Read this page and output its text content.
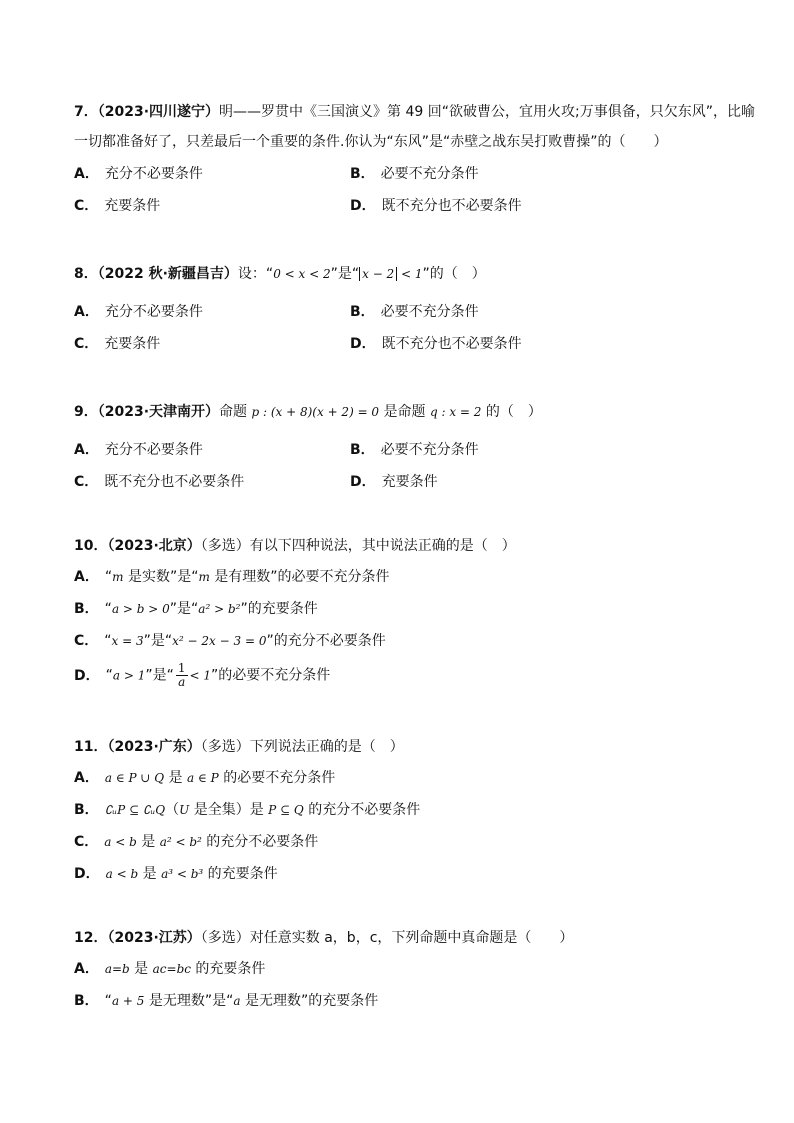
7．（2023·四川遂宁）明——罗贯中《三国演义》第 49 回“欲破曹公，宜用火攻;万事俱备，只欠东风”，比喻
一切都准备好了，只差最后一个重要的条件.你认为“东风”是“赤壁之战东吴打败曹操”的（　　）
A． 充分不必要条件	B． 必要不充分条件
C． 充要条件	D． 既不充分也不必要条件
8．（2022 秋·新疆昌吉）设：“0 < x < 2”是“ x − 2 < 1”的（　）
A． 充分不必要条件	B． 必要不充分条件
C． 充要条件	D． 既不充分也不必要条件
9．（2023·天津南开）命题 p : (x + 8)(x + 2) = 0 是命题 q : x = 2 的（　）
A． 充分不必要条件	B． 必要不充分条件
C． 既不充分也不必要条件	D． 充要条件
10．（2023·北京）（多选）有以下四种说法，其中说法正确的是（　）
A． “m 是实数”是“m 是有理数”的必要不充分条件
B． “a > b > 0”是“a² > b²”的充要条件
C． “x = 3”是“x² − 2x − 3 = 0”的充分不必要条件
D． “a > 1”是“ $\frac{1}{a} < 1$”的必要不充分条件
11．（2023·广东）（多选）下列说法正确的是（　）
A． a ∈ P ∪ Q 是 a ∈ P 的必要不充分条件
B． ∁ᵤP ⊆ ∁ᵤQ（U 是全集）是 P ⊆ Q 的充分不必要条件
C． a < b 是 a² < b² 的充分不必要条件
D． a < b 是 a³ < b³ 的充要条件
12．（2023·江苏）（多选）对任意实数 a，b，c，下列命题中真命题是（　　）
A． a=b 是 ac=bc 的充要条件
B． “a + 5 是无理数”是“a 是无理数”的充要条件
